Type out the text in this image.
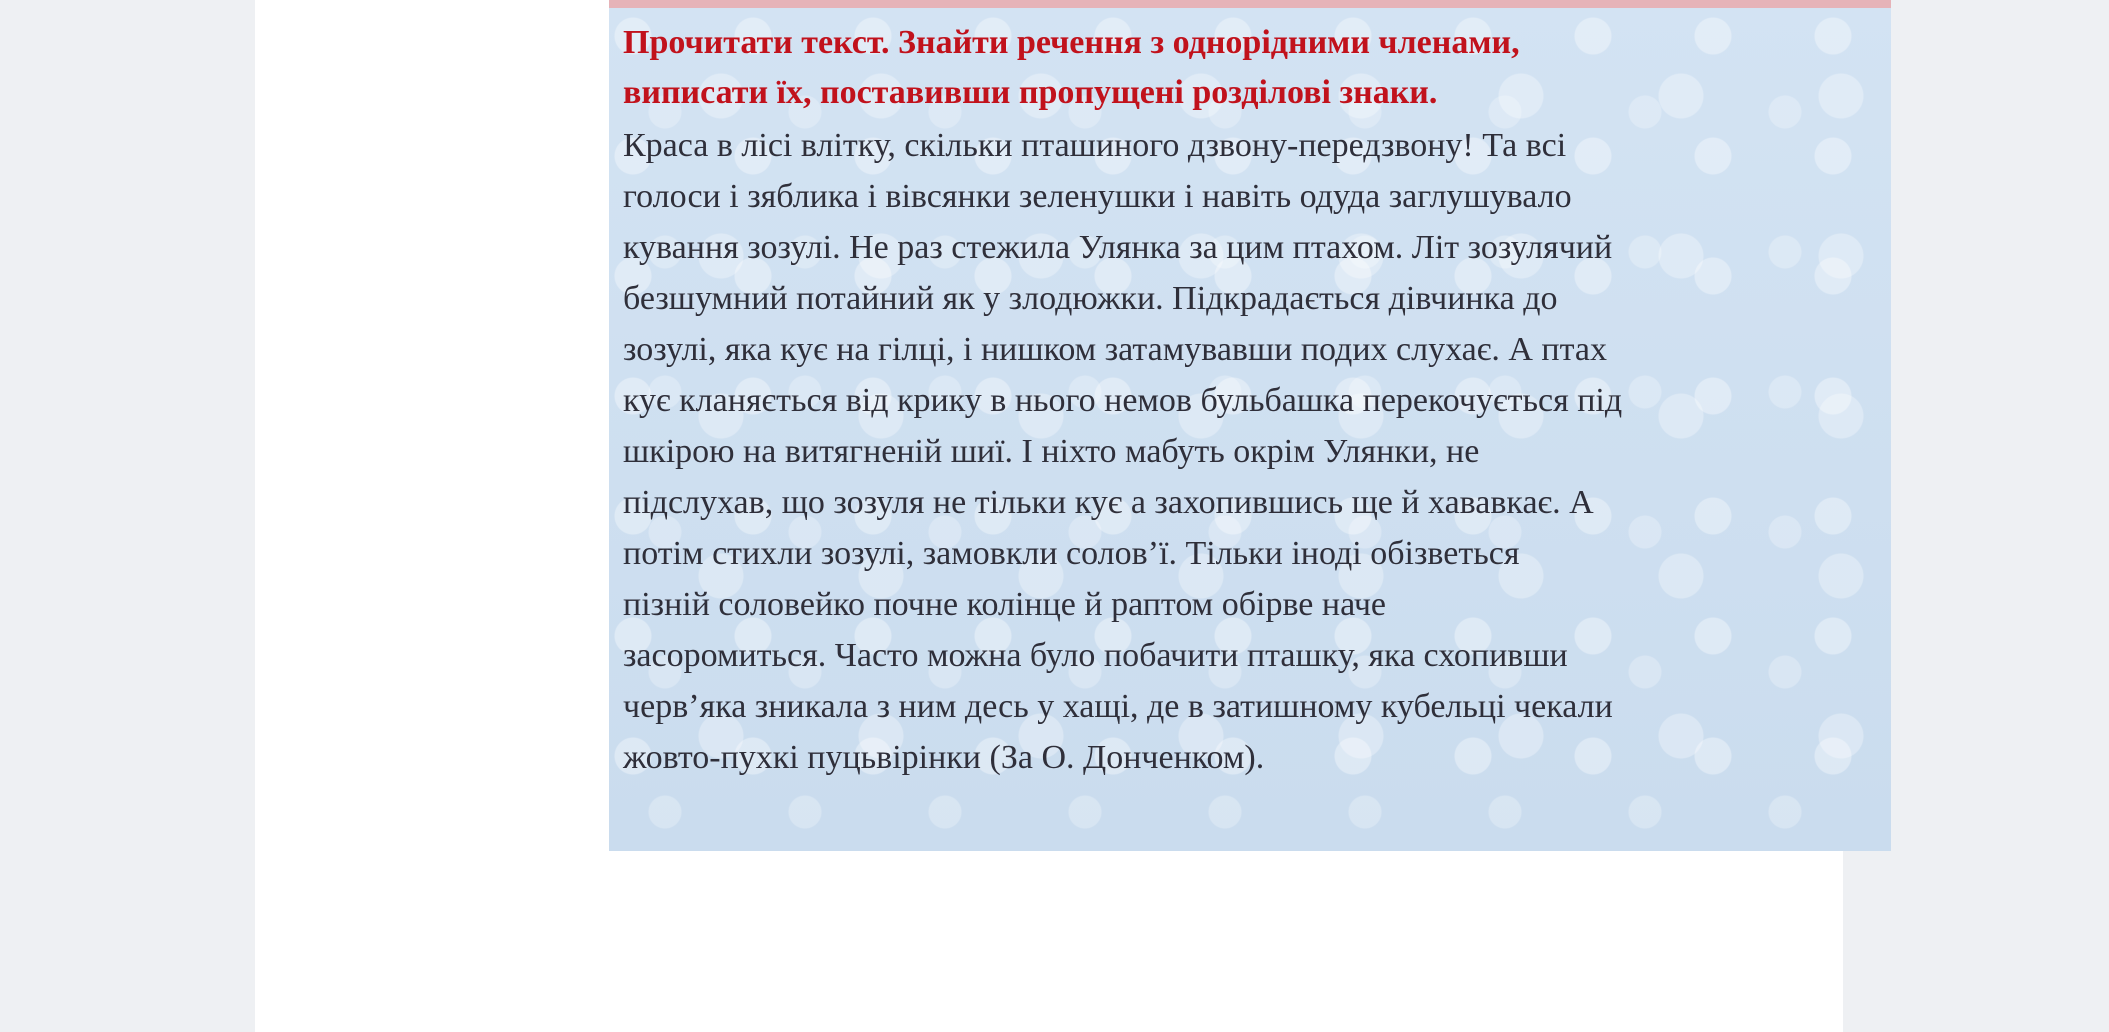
Прочитати текст. Знайти речення з однорідними членами,
виписати їх, поставивши пропущені розділові знаки.
Краса в лісі влітку, скільки пташиного дзвону-передзвону! Та всі
голоси і зяблика і вівсянки зеленушки і навіть одуда заглушувало
кування зозулі. Не раз стежила Улянка за цим птахом. Літ зозулячий
безшумний потайний як у злодюжки. Підкрадається дівчинка до
зозулі, яка кує на гілці, і нишком затамувавши подих слухає. А птах
кує кланяється від крику в нього немов бульбашка перекочується під
шкірою на витягненій шиї. І ніхто мабуть окрім Улянки, не
підслухав, що зозуля не тільки кує а захопившись ще й хававкає. А
потім стихли зозулі, замовкли солов’ї. Тільки іноді обізветься
пізній соловейко почне колінце й раптом обірве наче
засоромиться. Часто можна було побачити пташку, яка схопивши
черв’яка зникала з ним десь у хащі, де в затишному кубельці чекали
жовто-пухкі пуцьвірінки (За О. Донченком).
